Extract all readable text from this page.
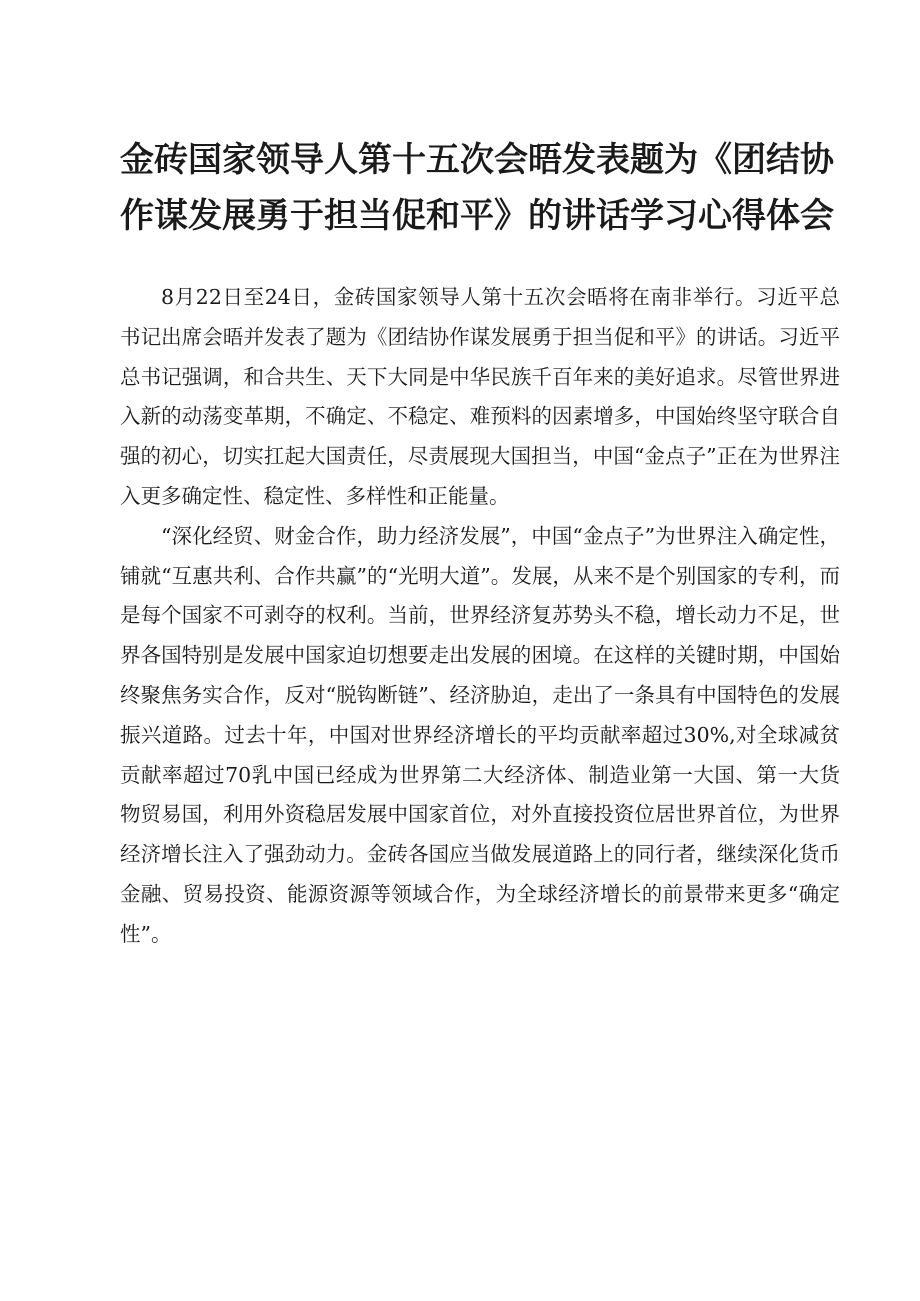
金砖国家领导人第十五次会晤发表题为《团结协
作谋发展勇于担当促和平》的讲话学习心得体会

8月22日至24日，金砖国家领导人第十五次会晤将在南非举行。习近平总书记出席会晤并发表了题为《团结协作谋发展勇于担当促和平》的讲话。习近平总书记强调，和合共生、天下大同是中华民族千百年来的美好追求。尽管世界进入新的动荡变革期，不确定、不稳定、难预料的因素增多，中国始终坚守联合自强的初心，切实扛起大国责任，尽责展现大国担当，中国“金点子”正在为世界注入更多确定性、稳定性、多样性和正能量。

“深化经贸、财金合作，助力经济发展”，中国“金点子”为世界注入确定性，铺就“互惠共利、合作共赢”的“光明大道”。发展，从来不是个别国家的专利，而是每个国家不可剥夺的权利。当前，世界经济复苏势头不稳，增长动力不足，世界各国特别是发展中国家迫切想要走出发展的困境。在这样的关键时期，中国始终聚焦务实合作，反对“脱钩断链”、经济胁迫，走出了一条具有中国特色的发展振兴道路。过去十年，中国对世界经济增长的平均贡献率超过30%,对全球减贫贡献率超过70乳中国已经成为世界第二大经济体、制造业第一大国、第一大货物贸易国，利用外资稳居发展中国家首位，对外直接投资位居世界首位，为世界经济增长注入了强劲动力。金砖各国应当做发展道路上的同行者，继续深化货币金融、贸易投资、能源资源等领域合作，为全球经济增长的前景带来更多“确定性”。
